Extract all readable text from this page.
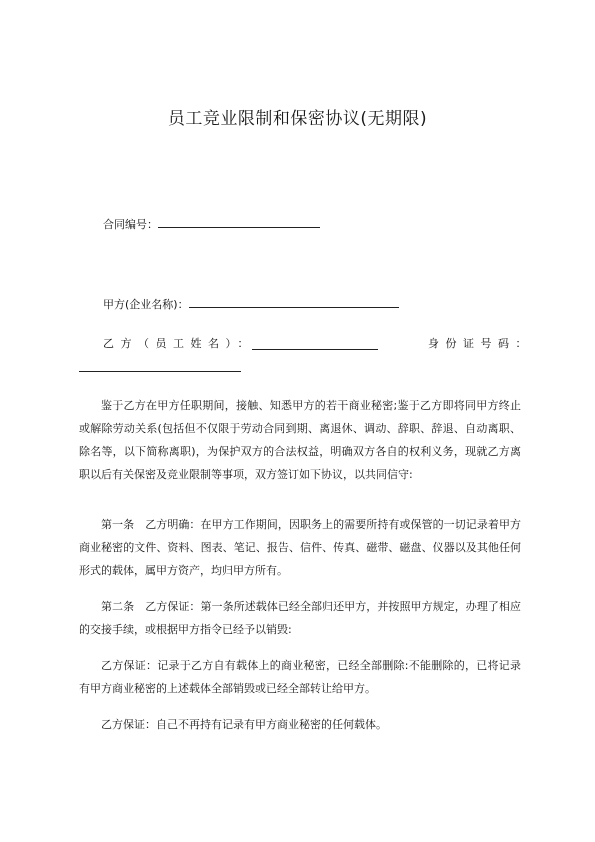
员工竞业限制和保密协议(无期限)
合同编号：
甲方(企业名称)：
乙方（员工姓名）：	身份证号码：
鉴于乙方在甲方任职期间，接触、知悉甲方的若干商业秘密;鉴于乙方即将同甲方终止或解除劳动关系(包括但不仅限于劳动合同到期、离退休、调动、辞职、辞退、自动离职、除名等，以下简称离职)，为保护双方的合法权益，明确双方各自的权利义务，现就乙方离职以后有关保密及竞业限制等事项，双方签订如下协议，以共同信守:
第一条　乙方明确：在甲方工作期间，因职务上的需要所持有或保管的一切记录着甲方商业秘密的文件、资料、图表、笔记、报告、信件、传真、磁带、磁盘、仪器以及其他任何形式的载体，属甲方资产，均归甲方所有。
第二条　乙方保证：第一条所述载体已经全部归还甲方，并按照甲方规定，办理了相应的交接手续，或根据甲方指令已经予以销毁:
乙方保证：记录于乙方自有载体上的商业秘密，已经全部删除:不能删除的，已将记录有甲方商业秘密的上述载体全部销毁或已经全部转让给甲方。
乙方保证：自己不再持有记录有甲方商业秘密的任何载体。
